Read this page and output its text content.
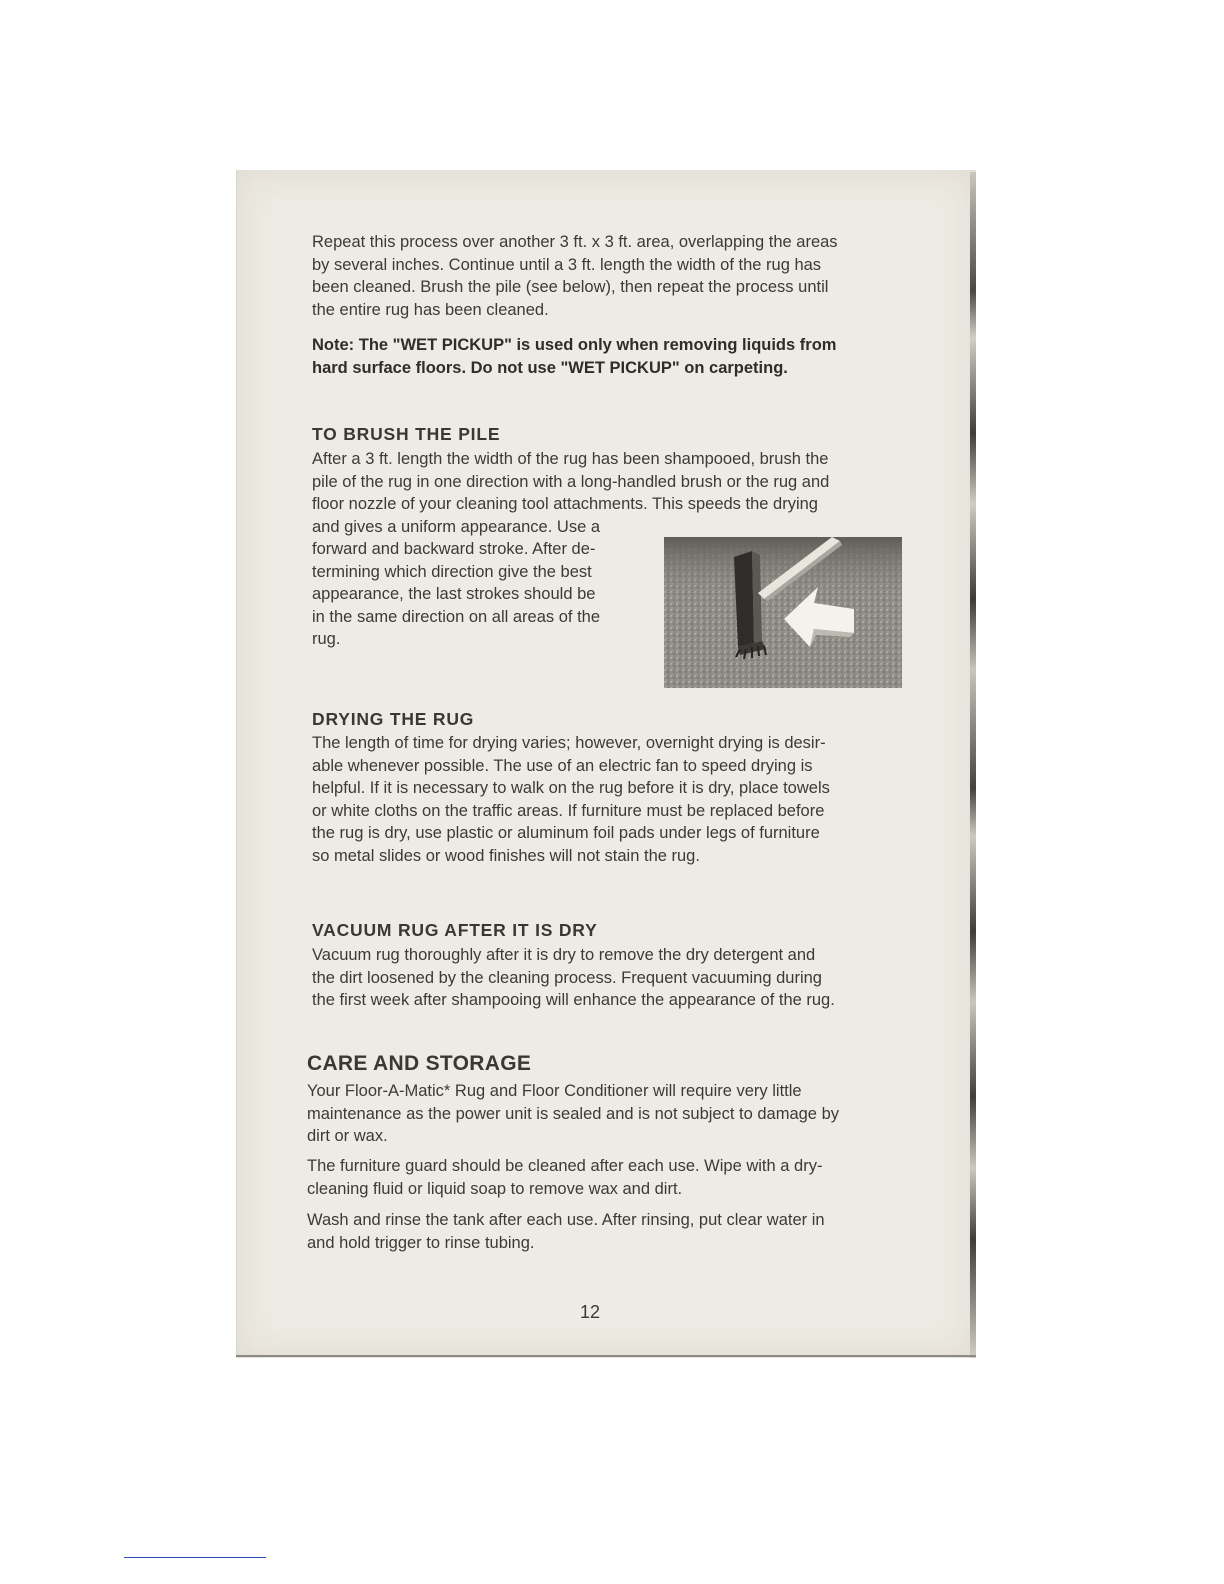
Repeat this process over another 3 ft. x 3 ft. area, overlapping the areas
by several inches. Continue until a 3 ft. length the width of the rug has
been cleaned. Brush the pile (see below), then repeat the process until
the entire rug has been cleaned.
Note: The "WET PICKUP" is used only when removing liquids from
hard surface floors. Do not use "WET PICKUP" on carpeting.
TO BRUSH THE PILE
After a 3 ft. length the width of the rug has been shampooed, brush the
pile of the rug in one direction with a long-handled brush or the rug and
floor nozzle of your cleaning tool attachments. This speeds the drying
and gives a uniform appearance. Use a
forward and backward stroke. After de-
termining which direction give the best
appearance, the last strokes should be
in the same direction on all areas of the
rug.
DRYING THE RUG
The length of time for drying varies; however, overnight drying is desir-
able whenever possible. The use of an electric fan to speed drying is
helpful. If it is necessary to walk on the rug before it is dry, place towels
or white cloths on the traffic areas. If furniture must be replaced before
the rug is dry, use plastic or aluminum foil pads under legs of furniture
so metal slides or wood finishes will not stain the rug.
VACUUM RUG AFTER IT IS DRY
Vacuum rug thoroughly after it is dry to remove the dry detergent and
the dirt loosened by the cleaning process. Frequent vacuuming during
the first week after shampooing will enhance the appearance of the rug.
CARE AND STORAGE
Your Floor-A-Matic* Rug and Floor Conditioner will require very little
maintenance as the power unit is sealed and is not subject to damage by
dirt or wax.
The furniture guard should be cleaned after each use. Wipe with a dry-
cleaning fluid or liquid soap to remove wax and dirt.
Wash and rinse the tank after each use. After rinsing, put clear water in
and hold trigger to rinse tubing.
12
